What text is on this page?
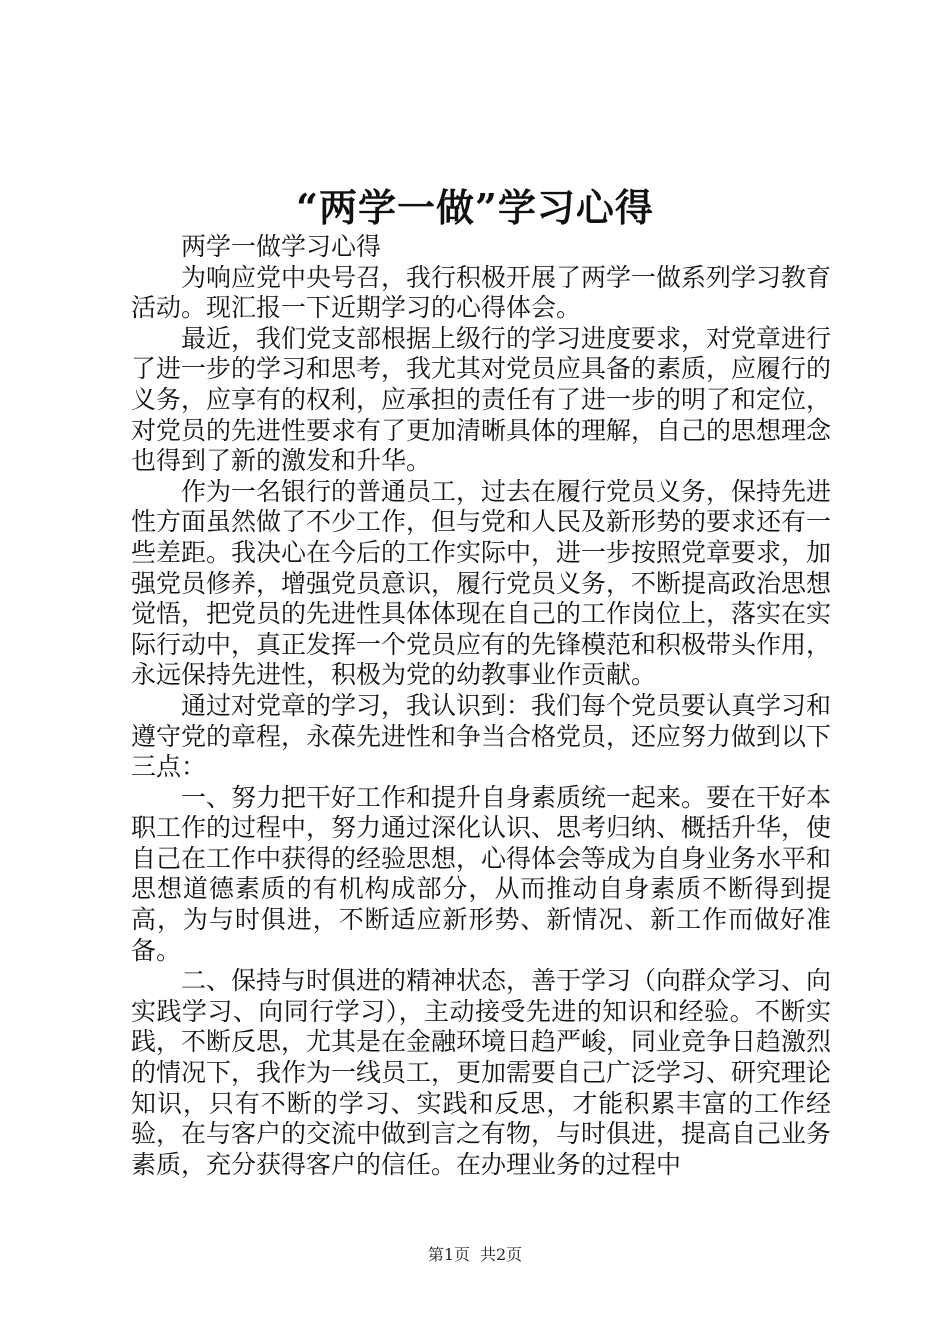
“两学一做”学习心得

两学一做学习心得

为响应党中央号召，我行积极开展了两学一做系列学习教育活动。现汇报一下近期学习的心得体会。

最近，我们党支部根据上级行的学习进度要求，对党章进行了进一步的学习和思考，我尤其对党员应具备的素质，应履行的义务，应享有的权利，应承担的责任有了进一步的明了和定位，对党员的先进性要求有了更加清晰具体的理解，自己的思想理念也得到了新的激发和升华。

作为一名银行的普通员工，过去在履行党员义务，保持先进性方面虽然做了不少工作，但与党和人民及新形势的要求还有一些差距。我决心在今后的工作实际中，进一步按照党章要求，加强党员修养，增强党员意识，履行党员义务，不断提高政治思想觉悟，把党员的先进性具体体现在自己的工作岗位上，落实在实际行动中，真正发挥一个党员应有的先锋模范和积极带头作用，永远保持先进性，积极为党的幼教事业作贡献。

通过对党章的学习，我认识到：我们每个党员要认真学习和遵守党的章程，永葆先进性和争当合格党员，还应努力做到以下三点：

一、努力把干好工作和提升自身素质统一起来。要在干好本职工作的过程中，努力通过深化认识、思考归纳、概括升华，使自己在工作中获得的经验思想，心得体会等成为自身业务水平和思想道德素质的有机构成部分，从而推动自身素质不断得到提高，为与时俱进，不断适应新形势、新情况、新工作而做好准备。

二、保持与时俱进的精神状态，善于学习（向群众学习、向实践学习、向同行学习），主动接受先进的知识和经验。不断实践，不断反思，尤其是在金融环境日趋严峻，同业竞争日趋激烈的情况下，我作为一线员工，更加需要自己广泛学习、研究理论知识，只有不断的学习、实践和反思，才能积累丰富的工作经验，在与客户的交流中做到言之有物，与时俱进，提高自己业务素质，充分获得客户的信任。在办理业务的过程中

第1页 共2页
